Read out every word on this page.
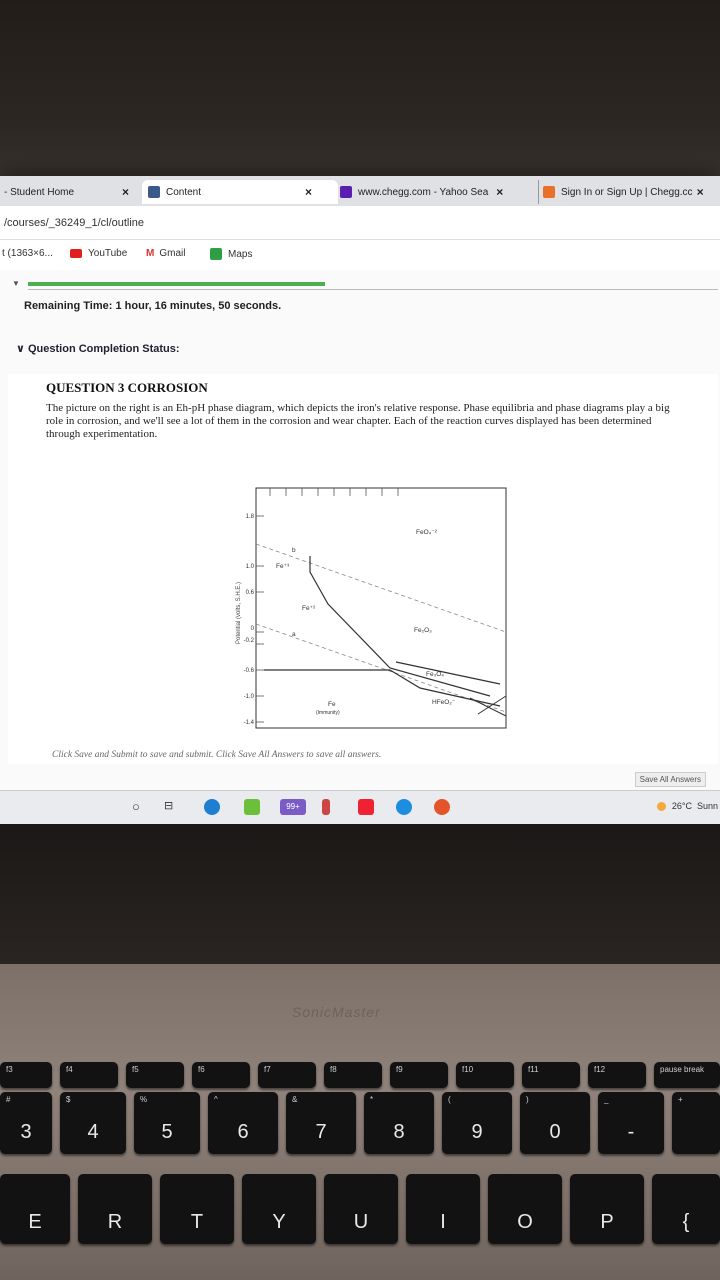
- Student Home	×	Content	×	www.chegg.com - Yahoo Sea ×	Sign In or Sign Up | Chegg.cc ×
/courses/_36249_1/cl/outline
t (1363×6...	YouTube M Gmail	Maps
▼
Remaining Time: 1 hour, 16 minutes, 50 seconds.
∨ Question Completion Status:
QUESTION 3 CORROSION
The picture on the right is an Eh-pH phase diagram, which depicts the iron's relative response. Phase equilibria and phase diagrams play a big role in corrosion, and we'll see a lot of them in the corrosion and wear chapter. Each of the reaction curves displayed has been determined through experimentation.
Potential (volts, S.H.E.)
1.8
1.0
0.6
0
-0.2
-0.6
-1.0
-1.4
FeO₄⁻²
Fe⁺³
Fe⁺²
Fe₂O₃
Fe₃O₄
HFeO₂⁻
Fe
(Immunity)
b
a
Click Save and Submit to save and submit. Click Save All Answers to save all answers.
Save All Answers
○ ⊟	99+	26°C Sunn
SonicMaster
f3	f4	f5	f6	f7	f8	f9	f10	f11	f12	pause break
#
3
$
4
%
5
^
6
&
7
*
8
(
9
)
0
_
-
+
E	R	T	Y	U	I	O	P	{
